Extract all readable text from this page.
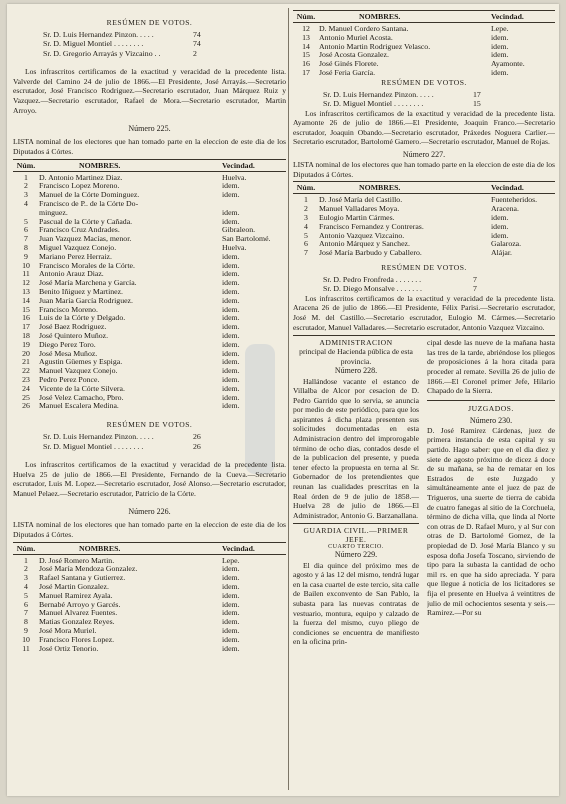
RESÚMEN DE VOTOS.

Sr. D. Luis Hernandez Pinzon. . . . .	74
Sr. D. Miguel Montiel . . . . . . . .	74
Sr. D. Gregorio Arrayás y Vizcaino . .	2

Los infrascritos certificamos de la exactitud y veracidad de la precedente lista. Valverde del Camino 24 de julio de 1866.—El Presidente, José Arrayás.—Secretario escrutador, José Francisco Rodriguez.—Secretario escrutador, Juan Márquez Ruiz y Vazquez.—Secretario escrutador, Rafael de Mora.—Secretario escrutador, Martin Arroyo.

Número 225.

LISTA nominal de los electores que han tomado parte en la eleccion de este dia de los Diputados á Córtes.

Núm.	NOMBRES.	Vecindad.
1	D. Antonio Martinez Diaz.	Huelva.
2	Francisco Lopez Moreno.	idem.
3	Manuel de la Córte Dominguez.	idem.
4	Francisco de P.. de la Córte Do-
minguez.	idem.
5	Pascual de la Córte y Cañada.	idem.
6	Francisco Cruz Andrades.	Gibraleon.
7	Juan Vazquez Macías, menor.	San Bartolomé.
8	Miguel Vazquez Conejo.	Huelva.
9	Mariano Perez Herraiz.	idem.
10	Francisco Morales de la Córte.	idem.
11	Antonio Arauz Diaz.	idem.
12	José María Marchena y García.	idem.
13	Benito Iñiguez y Martinez.	idem.
14	Juan María García Rodriguez.	idem.
15	Francisco Moreno.	idem.
16	Luis de la Córte y Delgado.	idem.
17	José Baez Rodriguez.	idem.
18	José Quintero Muñoz.	idem.
19	Diego Perez Toro.	idem.
20	José Mesa Muñoz.	idem.
21	Agustin Güemes y Espiga.	idem.
22	Manuel Vazquez Conejo.	idem.
23	Pedro Perez Ponce.	idem.
24	Vicente de la Córte Silvera.	idem.
25	José Velez Camacho, Pbro.	idem.
26	Manuel Escalera Medina.	idem.

RESÚMEN DE VOTOS.

Sr. D. Luis Hernandez Pinzon. . . . .	26
Sr. D. Miguel Montiel . . . . . . . .	26

Los infrascritos certificamos de la exactitud y veracidad de la precedente lista. Huelva 25 de julio de 1866.—El Presidente, Fernando de la Cueva.—Secretario escrutador, Luis M. Lopez.—Secretario escrutador, José Alonso.—Secretario escrutador, Manuel Pelaez.—Secretario escrutador, Patricio de la Córte.

Número 226.

LISTA nominal de los electores que han tomado parte en la eleccion de este dia de los Diputados á Córtes.

Núm.	NOMBRES.	Vecindad.
1	D. José Romero Martin.	Lepe.
2	José María Mendoza Gonzalez.	idem.
3	Rafael Santana y Gutierrez.	idem.
4	José Martin Gonzalez.	idem.
5	Manuel Ramirez Ayala.	idem.
6	Bernabé Arroyo y Garcés.	idem.
7	Manuel Alvarez Fuentes.	idem.
8	Matias Gonzalez Reyes.	idem.
9	José Mora Muriel.	idem.
10	Francisco Flores Lopez.	idem.
11	José Ortiz Tenorio.	idem.
Núm.	NOMBRES.	Vecindad.
12	D. Manuel Cordero Santana.	Lepe.
13	Antonio Muriel Acosta.	idem.
14	Antonio Martin Rodriguez Velasco.	idem.
15	José Acosta Gonzalez.	idem.
16	José Ginés Florete.	Ayamonte.
17	José Feria García.	idem.

RESÚMEN DE VOTOS.

Sr. D. Luis Hernandez Pinzon. . . . .	17
Sr. D. Miguel Montiel . . . . . . . .	15

Los infrascritos certificamos de la exactitud y veracidad de la precedente lista. Ayamonte 26 de julio de 1866.—El Presidente, Joaquin Franco.—Secretario escrutador, Joaquin Obando.—Secretario escrutador, Práxedes Noguera Carlier.—Secretario escrutador, Bartolomé Gamero.—Secretario escrutador, Manuel de Rojas.

Número 227.

LISTA nominal de los electores que han tomado parte en la eleccion de este dia de los Diputados á Córtes.

Núm.	NOMBRES.	Vecindad.
1	D. José María del Castillo.	Fuenteheridos.
2	Manuel Valladares Moya.	Aracena.
3	Eulogio Martin Cármes.	idem.
4	Francisco Fernandez y Contreras.	idem.
5	Antonio Vazquez Vizcaino.	idem.
6	Antonio Márquez y Sanchez.	Galaroza.
7	José María Barbudo y Caballero.	Alájar.

RESÚMEN DE VOTOS.

Sr. D. Pedro Fronfreda . . . . . . .	7
Sr. D. Diego Monsalve . . . . . . .	7

Los infrascritos certificamos de la exactitud y veracidad de la precedente lista. Aracena 26 de julio de 1866.—El Presidente, Félix Parisi.—Secretario escrutador, José M. del Castillo.—Secretario escrutador, Eulogio M. Cármes.—Secretario escrutador, Manuel Valladares.—Secretario escrutador, Antonio Vazquez Vizcaino.

ADMINISTRACION

principal de Hacienda pública de esta provincia.

Número 228.

Hallándose vacante el estanco de Villalba de Alcor por cesacion de D. Pedro Garrido que lo servia, se anuncia por medio de este periódico, para que los aspirantes á dicha plaza presenten sus solicitudes documentadas en esta Administracion dentro del improrogable término de ocho dias, contados desde el de la publicacion del presente, y pueda tener efecto la propuesta en terna al Sr. Gobernador de los pretendientes que reunan las cualidades prescritas en la Real órden de 9 de julio de 1858.—Huelva 28 de julio de 1866.—El Administrador, Antonio G. Barzanallana.

GUARDIA CIVIL.—PRIMER JEFE.

CUARTO TERCIO.

Número 229.

El dia quince del próximo mes de agosto y á las 12 del mismo, tendrá lugar en la casa cuartel de este tercio, sita calle de Bailen exconvento de San Pablo, la subasta para las nuevas contratas de vestuario, montura, equipo y calzado de la fuerza del mismo, cuyo pliego de condiciones se encuentra de manifiesto en la oficina prin-

cipal desde las nueve de la mañana hasta las tres de la tarde, abriéndose los pliegos de proposiciones á la hora citada para proceder al remate. Sevilla 26 de julio de 1866.—El Coronel primer Jefe, Hilario Chapado de la Sierra.

JUZGADOS.

Número 230.

D. José Ramirez Cárdenas, juez de primera instancia de esta capital y su partido. Hago saber: que en el dia diez y siete de agosto próximo de dicez á doce de su mañana, se ha de rematar en los Estrados de este Juzgado y simultáneamente ante el juez de paz de Trigueros, una suerte de tierra de cabida de cuatro fanegas al sitio de la Corchuela, término de dicha villa, que linda al Norte con otras de D. Rafael Muro, y al Sur con otras de D. Bartolomé Gomez, de la propiedad de D. José María Blanco y su esposa doña Josefa Toscano, sirviendo de tipo para la subasta la cantidad de ocho mil rs. en que ha sido apreciada. Y para que llegue á noticia de los licitadores se fija el presente en Huelva á veintitres de julio de mil ochocientos sesenta y seis.—Ramirez.—Por su
